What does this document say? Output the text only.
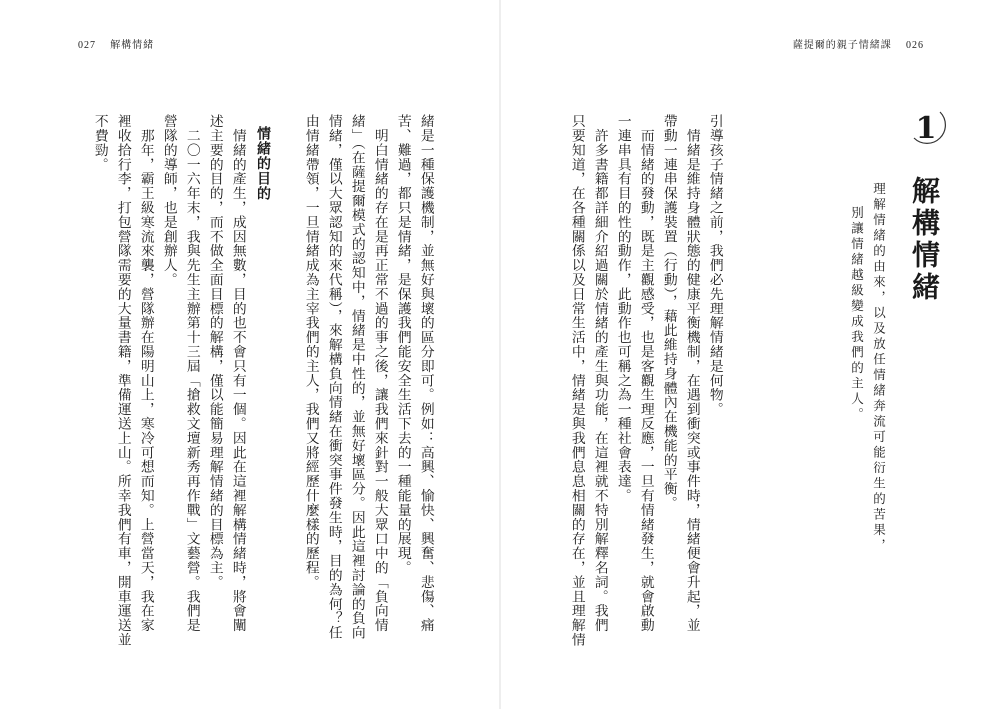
027 解構情緒	薩提爾的親子情緒課 026
1
解構情緒
理解情緒的由來，以及放任情緒奔流可能衍生的苦果，
別讓情緒越級變成我們的主人。
情緒的目的	引導孩子情緒之前，我們必先理解情緒是何物。
　情緒是維持身體狀態的健康平衡機制，在遇到衝突或事件時，情緒便會升起，並
帶動一連串保護裝置（行動），藉此維持身體內在機能的平衡。
　而情緒的發動，既是主觀感受，也是客觀生理反應，一旦有情緒發生，就會啟動
一連串具有目的性的動作，此動作也可稱之為一種社會表達。
　許多書籍都詳細介紹過關於情緒的產生與功能，在這裡就不特別解釋名詞。我們
只要知道，在各種關係以及日常生活中，情緒是與我們息息相關的存在，並且理解情
緒是一種保護機制，並無好與壞的區分即可。例如：高興、愉快、興奮、悲傷、痛
苦、難過，都只是情緒，是保護我們能安全生活下去的一種能量的展現。
　明白情緒的存在是再正常不過的事之後，讓我們來針對一般大眾口中的「負向情
緒」（在薩提爾模式的認知中，情緒是中性的，並無好壞區分。因此這裡討論的負向
情緒，僅以大眾認知的來代稱），來解構負向情緒在衝突事件發生時，目的為何？任
由情緒帶領，一旦情緒成為主宰我們的主人，我們又將經歷什麼樣的歷程。
　情緒的產生，成因無數，目的也不會只有一個。因此在這裡解構情緒時，將會闡
述主要的目的，而不做全面目標的解構，僅以能簡易理解情緒的目標為主。
　二〇一六年末，我與先生主辦第十三屆「搶救文壇新秀再作戰」文藝營。我們是
營隊的導師，也是創辦人。
　那年，霸王級寒流來襲，營隊辦在陽明山上，寒冷可想而知。上營當天，我在家
裡收拾行李，打包營隊需要的大量書籍，準備運送上山。所幸我們有車，開車運送並
不費勁。
